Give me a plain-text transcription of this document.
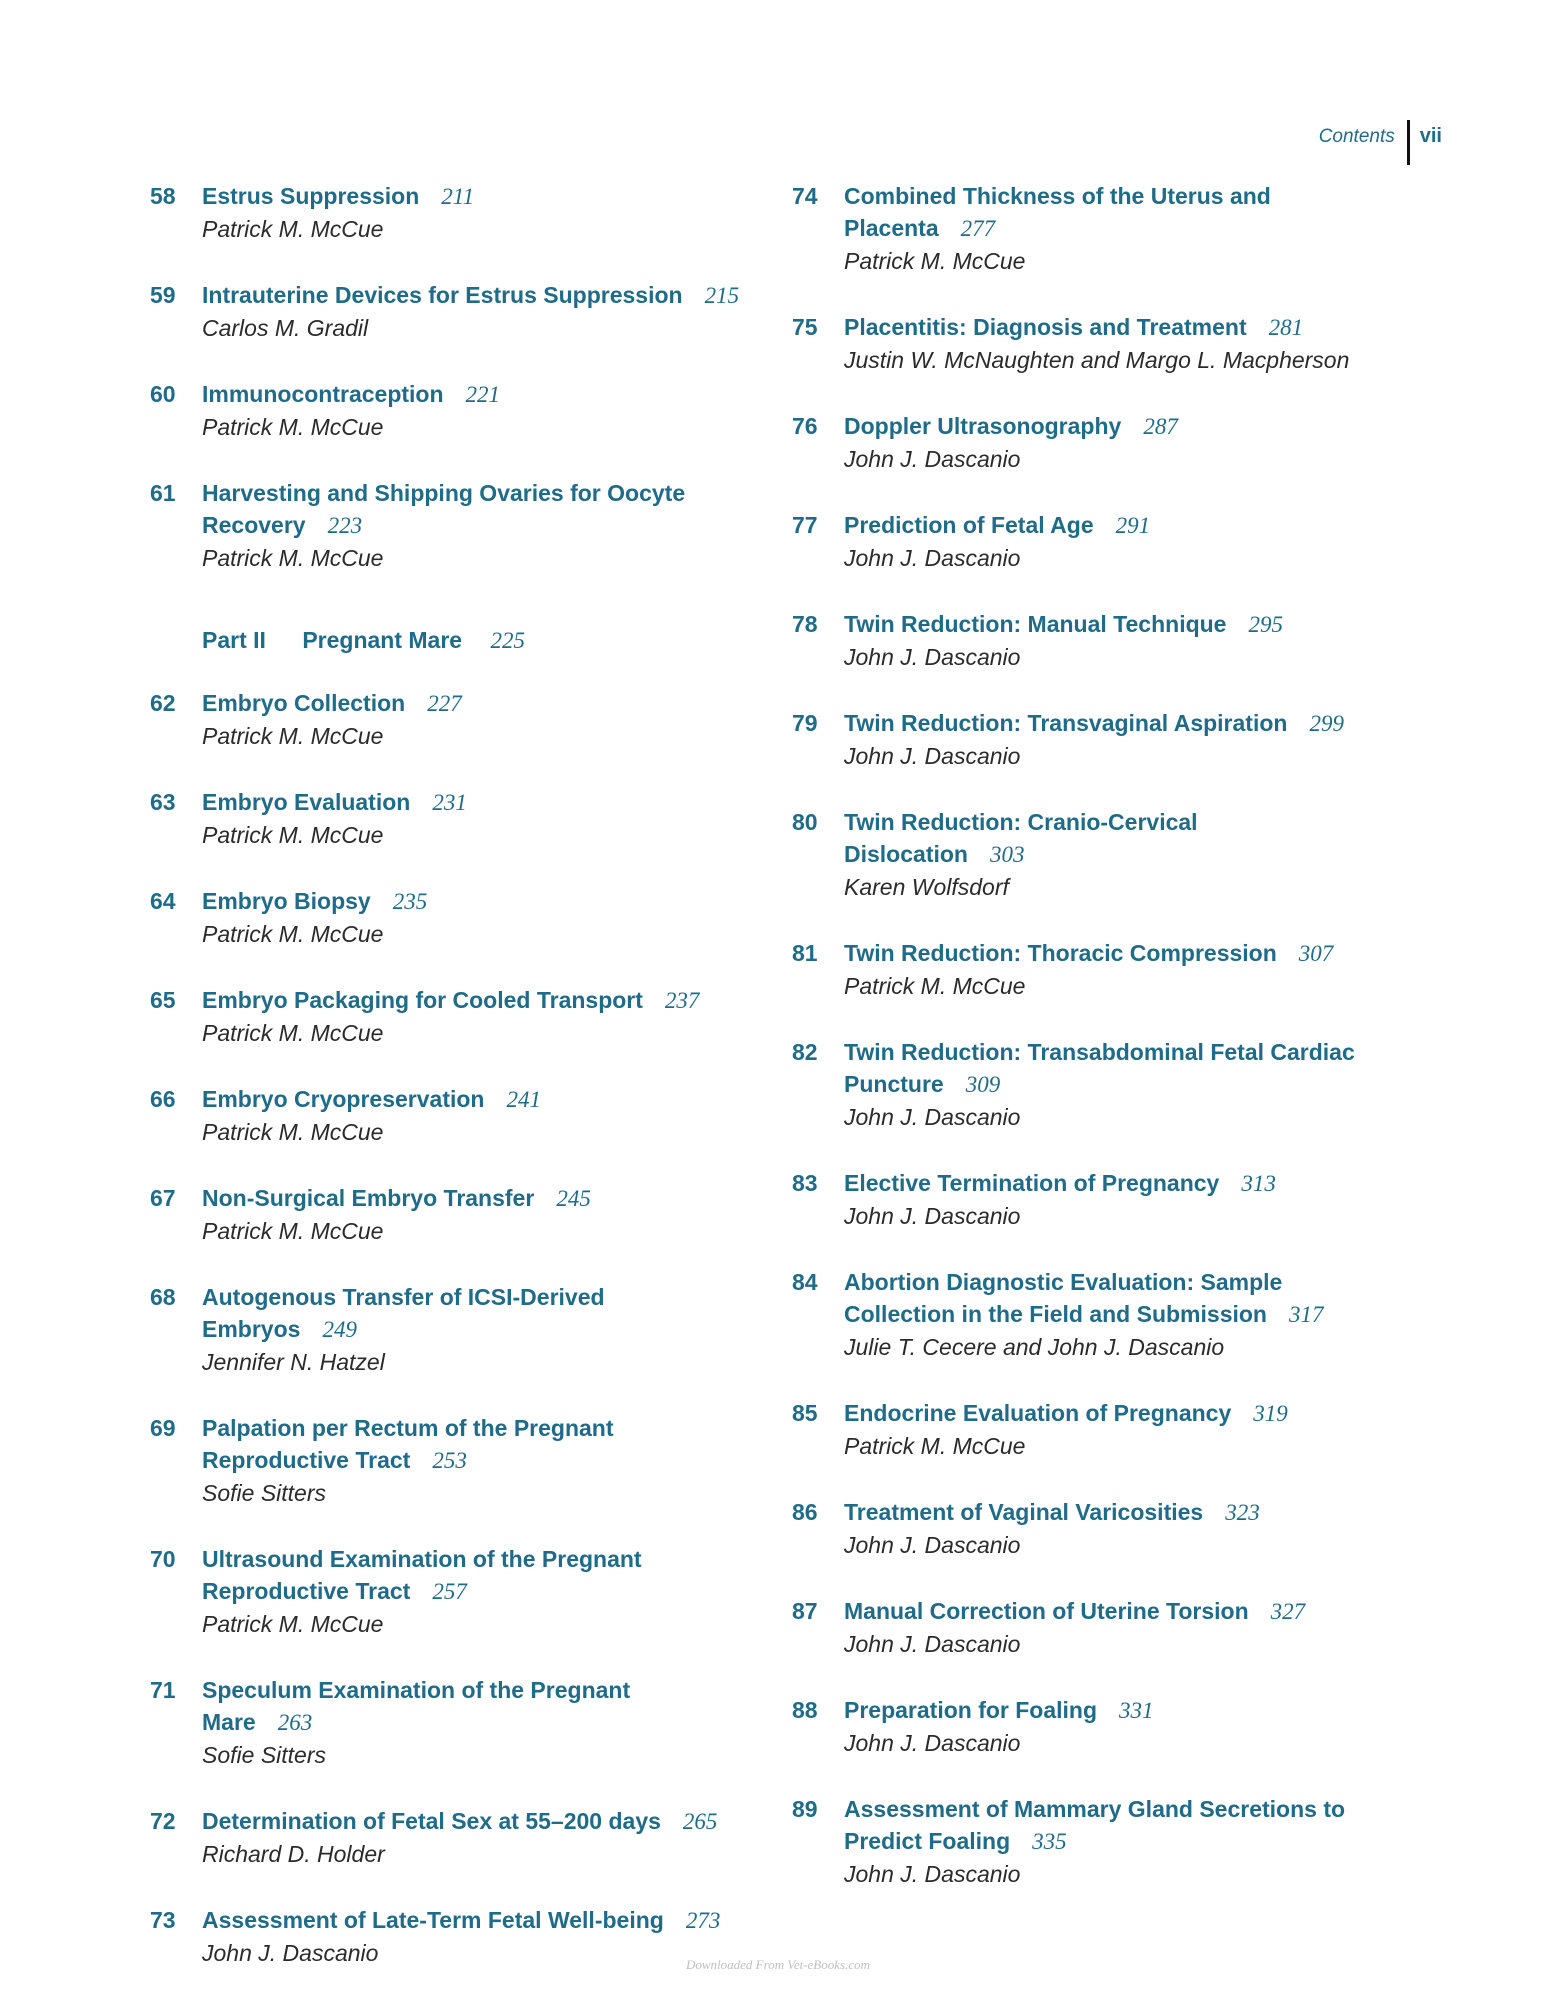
Contents vii
58	Estrus Suppression 211
Patrick M. McCue
59	Intrauterine Devices for Estrus Suppression 215
Carlos M. Gradil
60	Immunocontraception 221
Patrick M. McCue
61	Harvesting and Shipping Ovaries for Oocyte Recovery 223
Patrick M. McCue
Part II Pregnant Mare 225
62	Embryo Collection 227
Patrick M. McCue
63	Embryo Evaluation 231
Patrick M. McCue
64	Embryo Biopsy 235
Patrick M. McCue
65	Embryo Packaging for Cooled Transport 237
Patrick M. McCue
66	Embryo Cryopreservation 241
Patrick M. McCue
67	Non-Surgical Embryo Transfer 245
Patrick M. McCue
68	Autogenous Transfer of ICSI-Derived Embryos 249
Jennifer N. Hatzel
69	Palpation per Rectum of the Pregnant Reproductive Tract 253
Sofie Sitters
70	Ultrasound Examination of the Pregnant Reproductive Tract 257
Patrick M. McCue
71	Speculum Examination of the Pregnant Mare 263
Sofie Sitters
72	Determination of Fetal Sex at 55–200 days 265
Richard D. Holder
73	Assessment of Late-Term Fetal Well-being 273
John J. Dascanio
74	Combined Thickness of the Uterus and Placenta 277
Patrick M. McCue
75	Placentitis: Diagnosis and Treatment 281
Justin W. McNaughten and Margo L. Macpherson
76	Doppler Ultrasonography 287
John J. Dascanio
77	Prediction of Fetal Age 291
John J. Dascanio
78	Twin Reduction: Manual Technique 295
John J. Dascanio
79	Twin Reduction: Transvaginal Aspiration 299
John J. Dascanio
80	Twin Reduction: Cranio-Cervical Dislocation 303
Karen Wolfsdorf
81	Twin Reduction: Thoracic Compression 307
Patrick M. McCue
82	Twin Reduction: Transabdominal Fetal Cardiac Puncture 309
John J. Dascanio
83	Elective Termination of Pregnancy 313
John J. Dascanio
84	Abortion Diagnostic Evaluation: Sample Collection in the Field and Submission 317
Julie T. Cecere and John J. Dascanio
85	Endocrine Evaluation of Pregnancy 319
Patrick M. McCue
86	Treatment of Vaginal Varicosities 323
John J. Dascanio
87	Manual Correction of Uterine Torsion 327
John J. Dascanio
88	Preparation for Foaling 331
John J. Dascanio
89	Assessment of Mammary Gland Secretions to Predict Foaling 335
John J. Dascanio
Downloaded From Vet-eBooks.com
